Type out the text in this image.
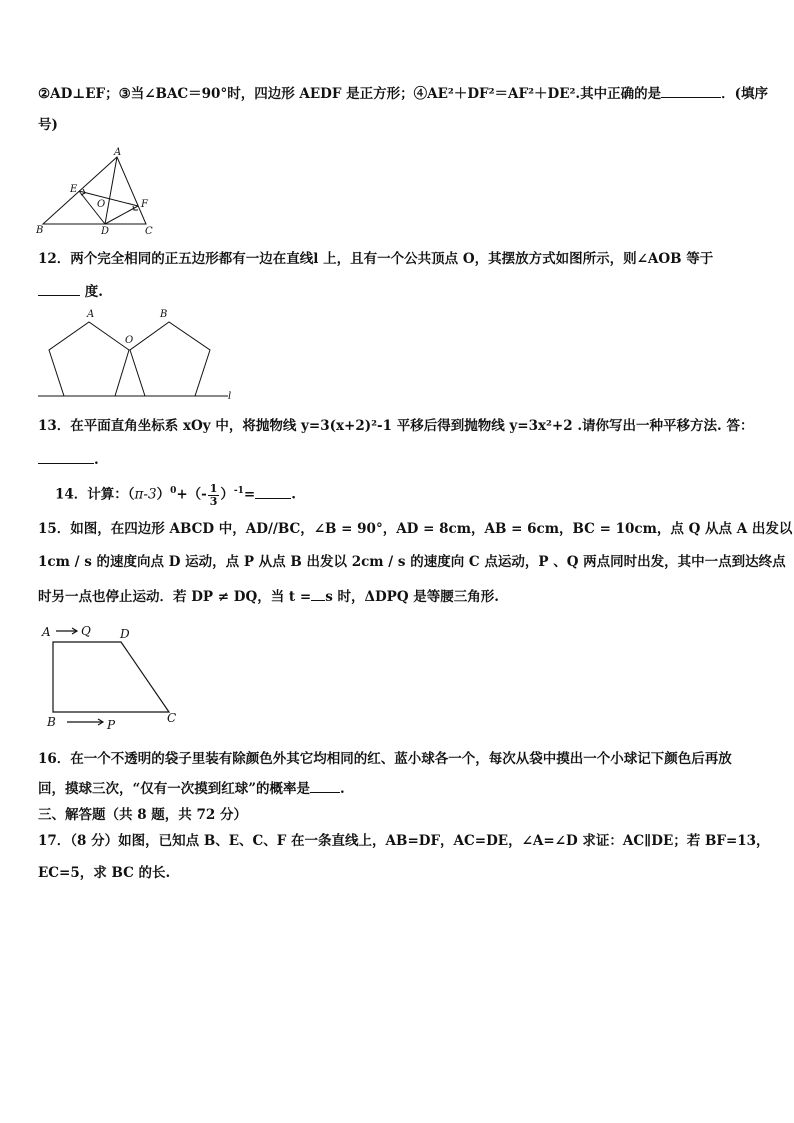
②AD⊥EF；③当∠BAC＝90°时，四边形 AEDF 是正方形；④AE²＋DF²＝AF²＋DE².其中正确的是	．(填序
号)
A
B	C
D
E
F
O
12．两个完全相同的正五边形都有一边在直线l 上，且有一个公共顶点 O，其摆放方式如图所示，则∠AOB 等于
度.
A	B
O
l
13．在平面直角坐标系 xOy 中，将抛物线 y=3(x+2)²-1 平移后得到抛物线 y=3x²+2 .请你写出一种平移方法. 答：
.
14．计算：$(\pi-3)^0+(- \frac{1}{3} )^{-1}=$	.
15．如图，在四边形 ABCD 中，AD//BC，∠B = 90°，AD = 8cm，AB = 6cm，BC = 10cm，点 Q 从点 A 出发以
1cm / s 的速度向点 D 运动，点 P 从点 B 出发以 2cm / s 的速度向 C 点运动，P 、Q 两点同时出发，其中一点到达终点
时另一点也停止运动．若 DP ≠ DQ，当 t = s 时，ΔDPQ 是等腰三角形.
A	Q D
B	P	C
16．在一个不透明的袋子里装有除颜色外其它均相同的红、蓝小球各一个，每次从袋中摸出一个小球记下颜色后再放
回，摸球三次，“仅有一次摸到红球”的概率是 .
三、解答题（共 8 题，共 72 分）
17．（8 分）如图，已知点 B、E、C、F 在一条直线上，AB=DF，AC=DE，∠A=∠D 求证：AC∥DE；若 BF=13，
EC=5，求 BC 的长.
